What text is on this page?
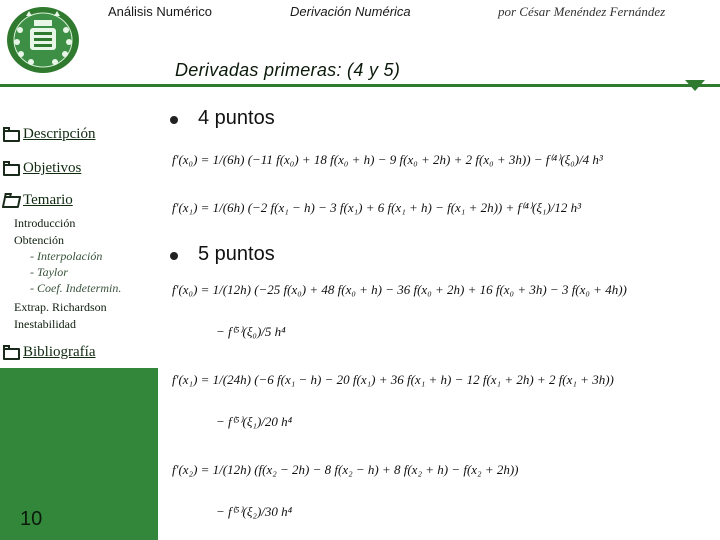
Análisis Numérico	Derivación Numérica	por César Menéndez Fernández
Derivadas primeras: (4 y 5)
Descripción
Objetivos
Temario
Introducción
Obtención
- Interpolación
- Taylor
- Coef. Indetermin.
Extrap. Richardson
Inestabilidad
Bibliografía
10
4 puntos
f′(x₀) = 1/(6h) (−11 f(x₀) + 18 f(x₀ + h) − 9 f(x₀ + 2h) + 2 f(x₀ + 3h)) − f⁽⁴⁾(ξ₀)/4 h³
f′(x₁) = 1/(6h) (−2 f(x₁ − h) − 3 f(x₁) + 6 f(x₁ + h) − f(x₁ + 2h)) + f⁽⁴⁾(ξ₁)/12 h³
5 puntos
f′(x₀) = 1/(12h) (−25 f(x₀) + 48 f(x₀ + h) − 36 f(x₀ + 2h) + 16 f(x₀ + 3h) − 3 f(x₀ + 4h))
− f⁽⁵⁾(ξ₀)/5 h⁴
f′(x₁) = 1/(24h) (−6 f(x₁ − h) − 20 f(x₁) + 36 f(x₁ + h) − 12 f(x₁ + 2h) + 2 f(x₁ + 3h))
− f⁽⁵⁾(ξ₁)/20 h⁴
f′(x₂) = 1/(12h) (f(x₂ − 2h) − 8 f(x₂ − h) + 8 f(x₂ + h) − f(x₂ + 2h))
− f⁽⁵⁾(ξ₂)/30 h⁴
